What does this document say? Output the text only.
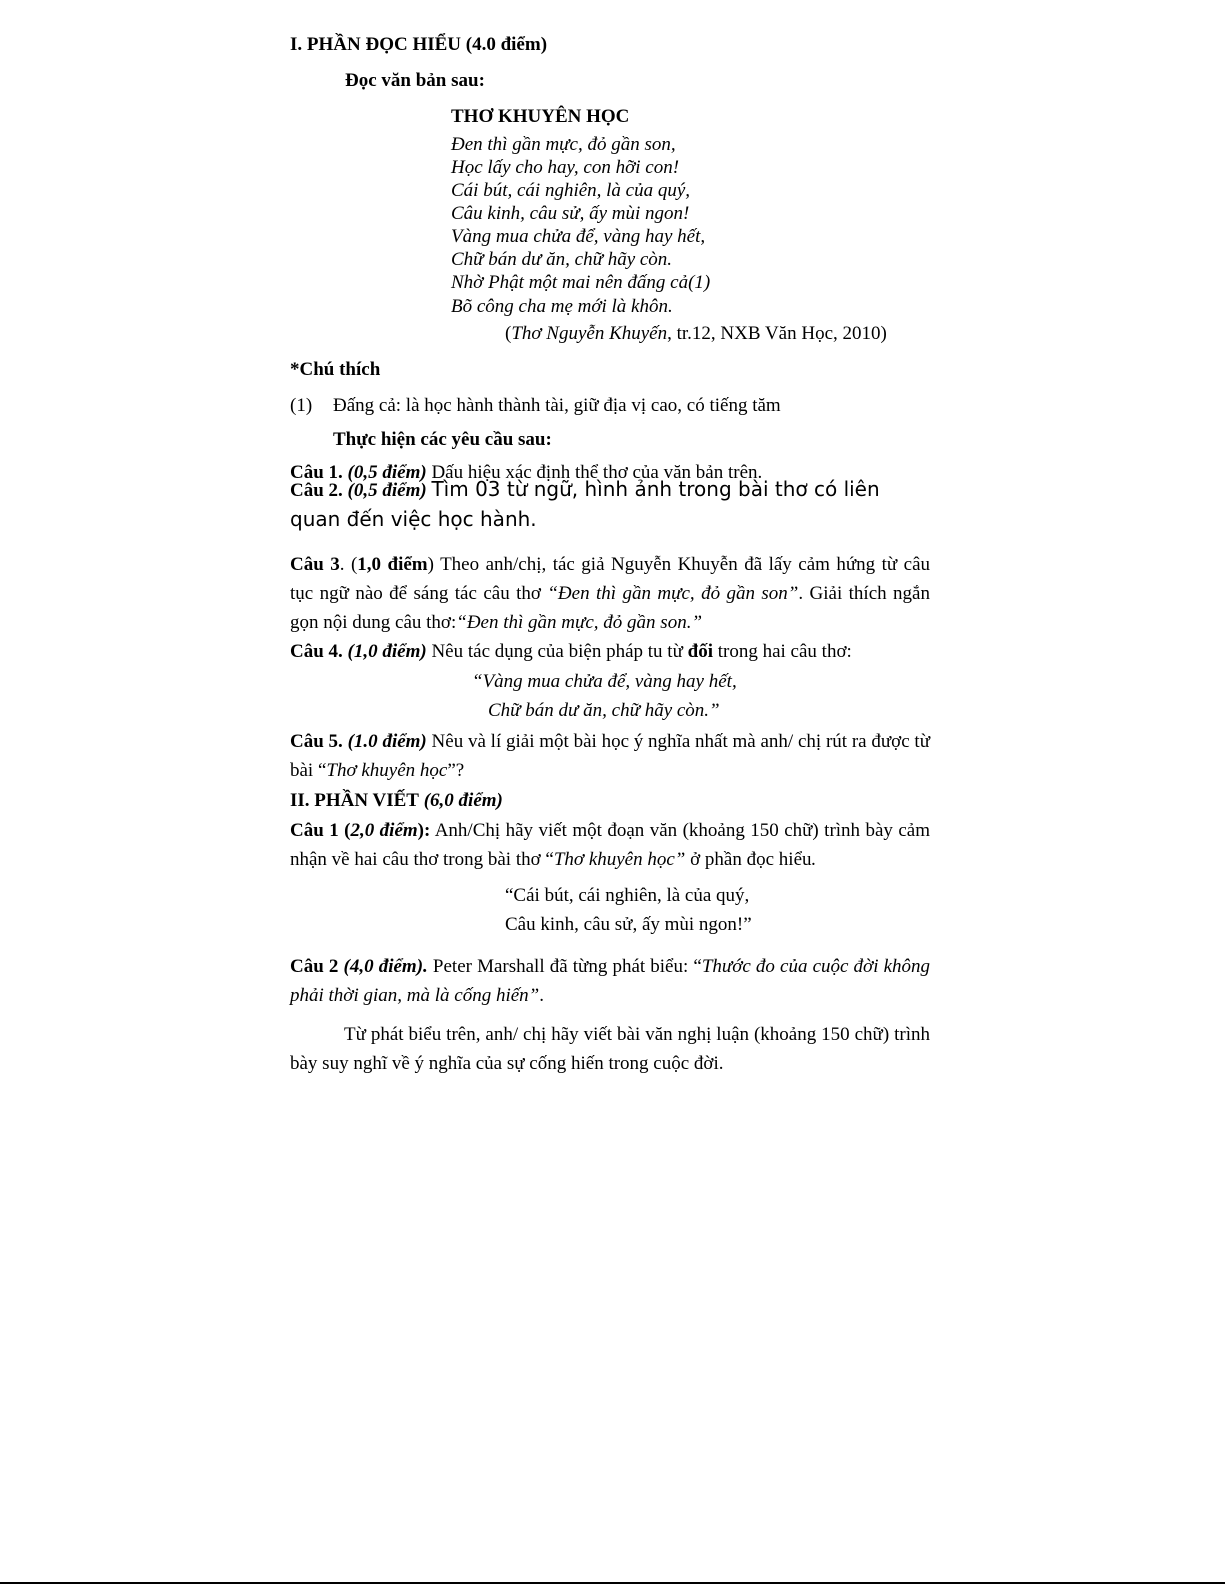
I. PHẦN ĐỌC HIỂU (4.0 điểm)
Đọc văn bản sau:
THƠ KHUYÊN HỌC
Đen thì gần mực, đỏ gần son,
Học lấy cho hay, con hỡi con!
Cái bút, cái nghiên, là của quý,
Câu kinh, câu sử, ấy mùi ngon!
Vàng mua chửa để, vàng hay hết,
Chữ bán dư ăn, chữ hãy còn.
Nhờ Phật một mai nên đấng cả(1)
Bõ công cha mẹ mới là khôn.
(Thơ Nguyễn Khuyến, tr.12, NXB Văn Học, 2010)
*Chú thích
(1) Đấng cả: là học hành thành tài, giữ địa vị cao, có tiếng tăm
Thực hiện các yêu cầu sau:
Câu 1. (0,5 điểm) Dấu hiệu xác định thể thơ của văn bản trên.
Câu 2. (0,5 điểm) Tìm 03 từ ngữ, hình ảnh trong bài thơ có liên
quan đến việc học hành.
Câu 3. (1,0 điểm) Theo anh/chị, tác giả Nguyễn Khuyễn đã lấy cảm hứng từ câu tục ngữ nào để sáng tác câu thơ “Đen thì gần mực, đỏ gần son”. Giải thích ngắn gọn nội dung câu thơ:“Đen thì gần mực, đỏ gần son.”
Câu 4. (1,0 điểm) Nêu tác dụng của biện pháp tu từ đối trong hai câu thơ:
“Vàng mua chửa để, vàng hay hết,
Chữ bán dư ăn, chữ hãy còn.”
Câu 5. (1.0 điểm) Nêu và lí giải một bài học ý nghĩa nhất mà anh/ chị rút ra được từ bài “Thơ khuyên học”?
II. PHẦN VIẾT (6,0 điểm)
Câu 1 (2,0 điểm): Anh/Chị hãy viết một đoạn văn (khoảng 150 chữ) trình bày cảm nhận về hai câu thơ trong bài thơ “Thơ khuyên học” ở phần đọc hiểu.
“Cái bút, cái nghiên, là của quý,
Câu kinh, câu sử, ấy mùi ngon!”
Câu 2 (4,0 điểm). Peter Marshall đã từng phát biểu: “Thước đo của cuộc đời không phải thời gian, mà là cống hiến”.
Từ phát biểu trên, anh/ chị hãy viết bài văn nghị luận (khoảng 150 chữ) trình bày suy nghĩ về ý nghĩa của sự cống hiến trong cuộc đời.
